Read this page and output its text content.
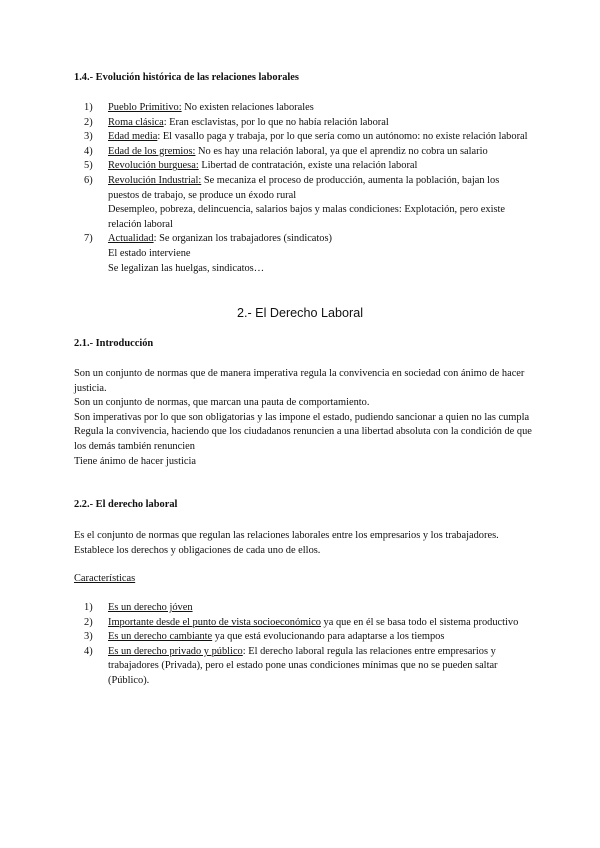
1.4.- Evolución histórica de las relaciones laborales
1) Pueblo Primitivo: No existen relaciones laborales
2) Roma clásica: Eran esclavistas, por lo que no había relación laboral
3) Edad media: El vasallo paga y trabaja, por lo que sería como un autónomo: no existe relación laboral
4) Edad de los gremios: No es hay una relación laboral, ya que el aprendiz no cobra un salario
5) Revolución burguesa: Libertad de contratación, existe una relación laboral
6) Revolución Industrial: Se mecaniza el proceso de producción, aumenta la población, bajan los puestos de trabajo, se produce un éxodo rural
Desempleo, pobreza, delincuencia, salarios bajos y malas condiciones: Explotación, pero existe relación laboral
7) Actualidad: Se organizan los trabajadores (sindicatos)
El estado interviene
Se legalizan las huelgas, sindicatos…
2.- El Derecho Laboral
2.1.- Introducción
Son un conjunto de normas que de manera imperativa regula la convivencia en sociedad con ánimo de hacer justicia.
Son un conjunto de normas, que marcan una pauta de comportamiento.
Son imperativas por lo que son obligatorias y las impone el estado, pudiendo sancionar a quien no las cumpla
Regula la convivencia, haciendo que los ciudadanos renuncien a una libertad absoluta con la condición de que los demás también renuncien
Tiene ánimo de hacer justicia
2.2.- El derecho laboral
Es el conjunto de normas que regulan las relaciones laborales entre los empresarios y los trabajadores. Establece los derechos y obligaciones de cada uno de ellos.
Características
1) Es un derecho jóven
2) Importante desde el punto de vista socioeconómico ya que en él se basa todo el sistema productivo
3) Es un derecho cambiante ya que está evolucionando para adaptarse a los tiempos
4) Es un derecho privado y público: El derecho laboral regula las relaciones entre empresarios y trabajadores (Privada), pero el estado pone unas condiciones mínimas que no se pueden saltar (Público).
